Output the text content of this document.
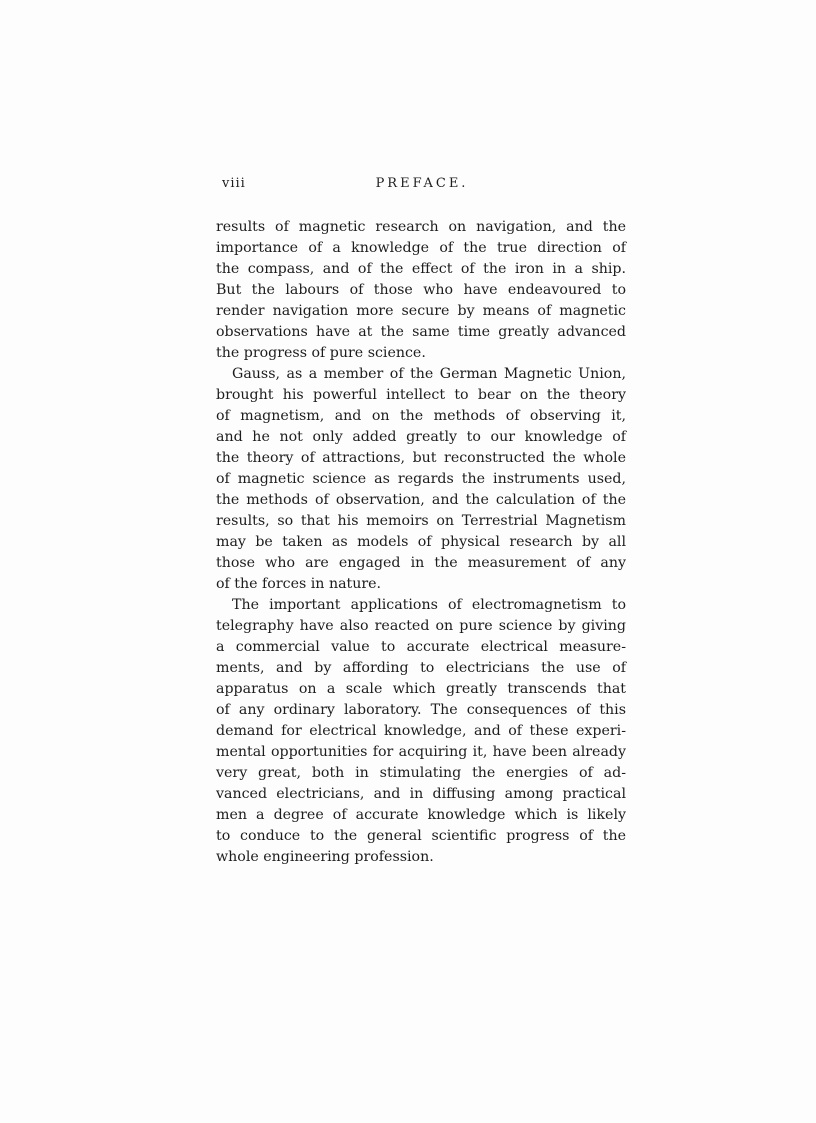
viii	PREFACE.
results of magnetic research on navigation, and the
importance of a knowledge of the true direction of
the compass, and of the effect of the iron in a ship.
But the labours of those who have endeavoured to
render navigation more secure by means of magnetic
observations have at the same time greatly advanced
the progress of pure science.
Gauss, as a member of the German Magnetic Union,
brought his powerful intellect to bear on the theory
of magnetism, and on the methods of observing it,
and he not only added greatly to our knowledge of
the theory of attractions, but reconstructed the whole
of magnetic science as regards the instruments used,
the methods of observation, and the calculation of the
results, so that his memoirs on Terrestrial Magnetism
may be taken as models of physical research by all
those who are engaged in the measurement of any
of the forces in nature.
The important applications of electromagnetism to
telegraphy have also reacted on pure science by giving
a commercial value to accurate electrical measure-
ments, and by affording to electricians the use of
apparatus on a scale which greatly transcends that
of any ordinary laboratory. The consequences of this
demand for electrical knowledge, and of these experi-
mental opportunities for acquiring it, have been already
very great, both in stimulating the energies of ad-
vanced electricians, and in diffusing among practical
men a degree of accurate knowledge which is likely
to conduce to the general scientific progress of the
whole engineering profession.
